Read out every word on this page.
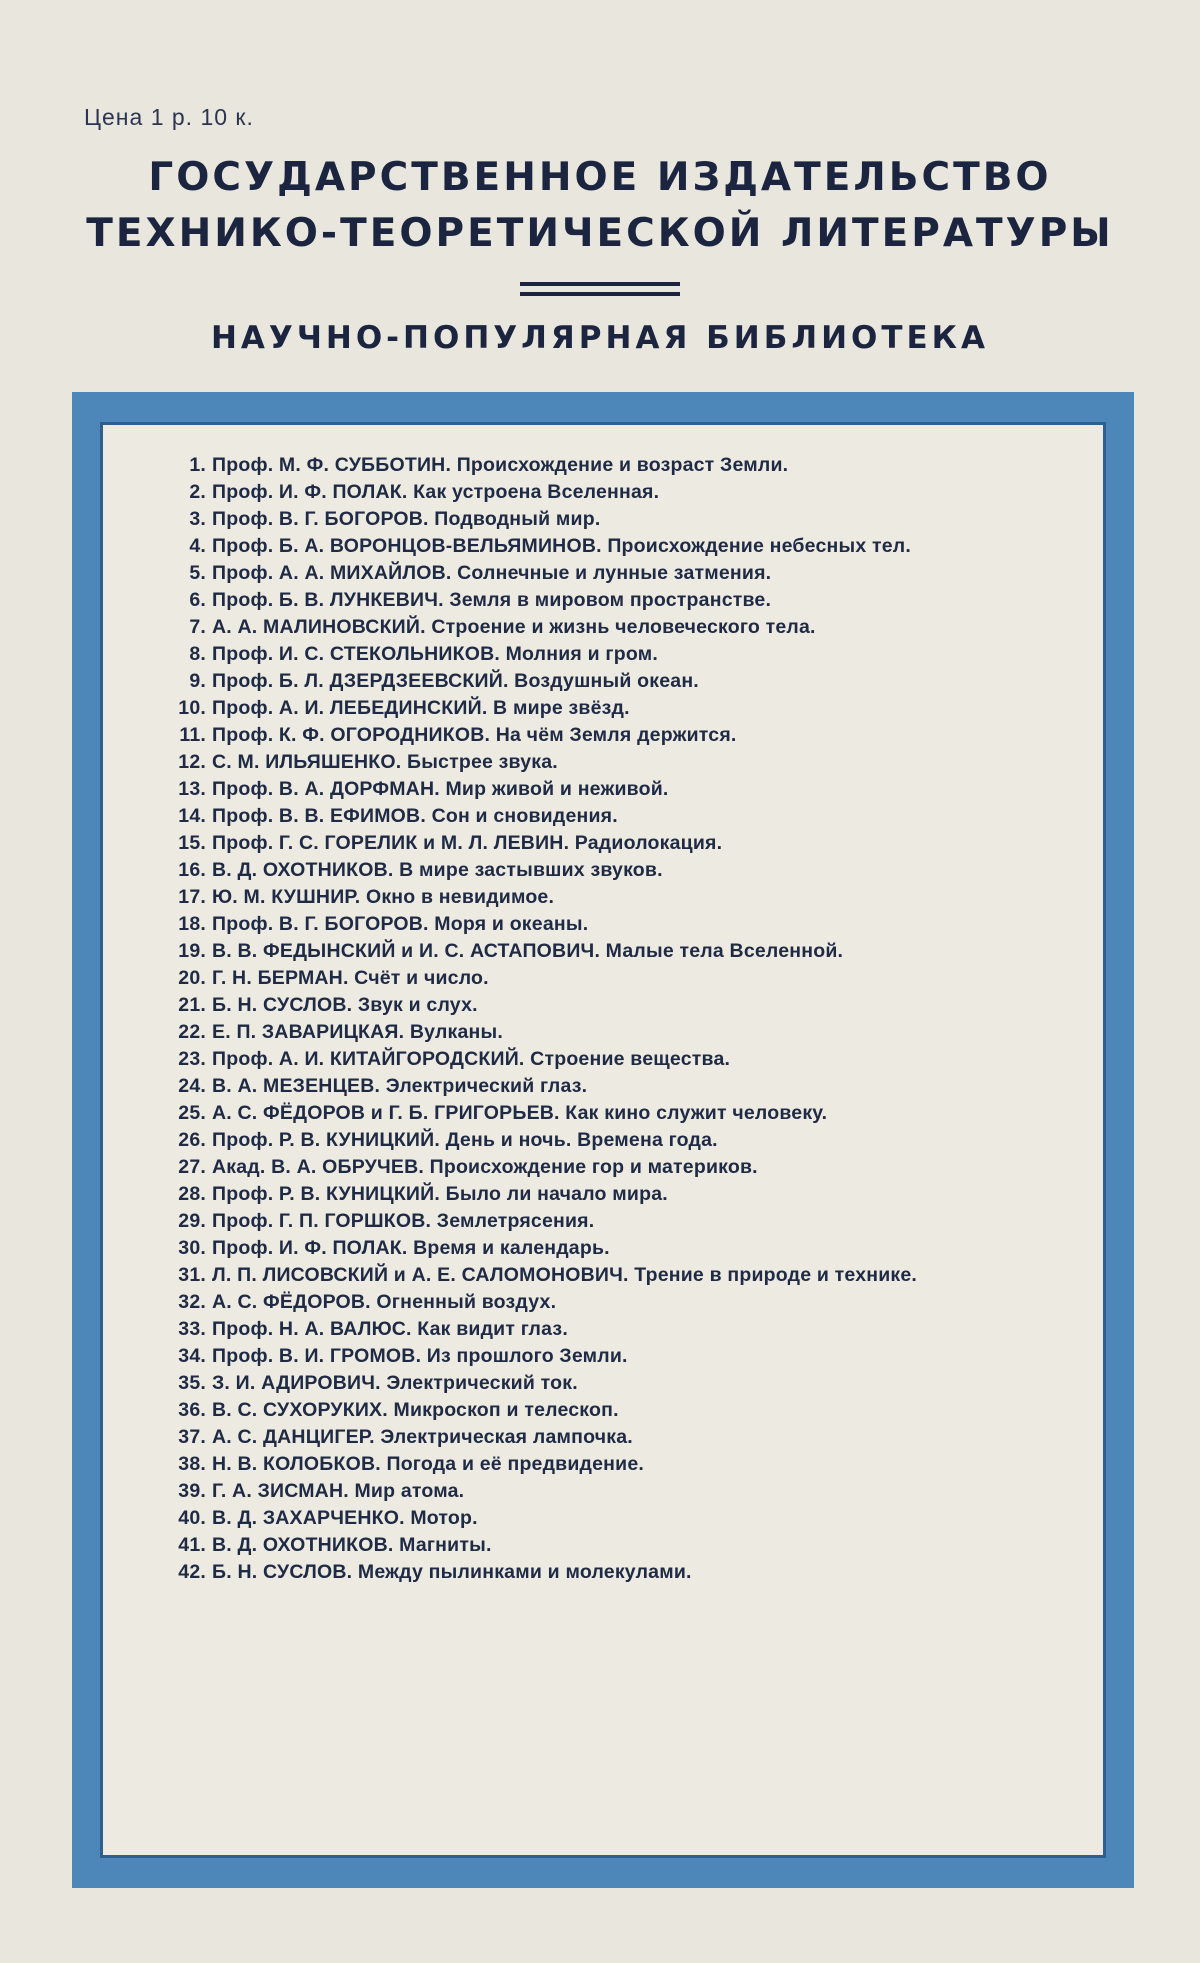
Цена 1 р. 10 к.
ГОСУДАРСТВЕННОЕ ИЗДАТЕЛЬСТВО
ТЕХНИКО-ТЕОРЕТИЧЕСКОЙ ЛИТЕРАТУРЫ
НАУЧНО-ПОПУЛЯРНАЯ БИБЛИОТЕКА
1. Проф. М. Ф. СУББОТИН. Происхождение и возраст Земли.
2. Проф. И. Ф. ПОЛАК. Как устроена Вселенная.
3. Проф. В. Г. БОГОРОВ. Подводный мир.
4. Проф. Б. А. ВОРОНЦОВ-ВЕЛЬЯМИНОВ. Происхождение небесных тел.
5. Проф. А. А. МИХАЙЛОВ. Солнечные и лунные затмения.
6. Проф. Б. В. ЛУНКЕВИЧ. Земля в мировом пространстве.
7. А. А. МАЛИНОВСКИЙ. Строение и жизнь человеческого тела.
8. Проф. И. С. СТЕКОЛЬНИКОВ. Молния и гром.
9. Проф. Б. Л. ДЗЕРДЗЕЕВСКИЙ. Воздушный океан.
10. Проф. А. И. ЛЕБЕДИНСКИЙ. В мире звёзд.
11. Проф. К. Ф. ОГОРОДНИКОВ. На чём Земля держится.
12. С. М. ИЛЬЯШЕНКО. Быстрее звука.
13. Проф. В. А. ДОРФМАН. Мир живой и неживой.
14. Проф. В. В. ЕФИМОВ. Сон и сновидения.
15. Проф. Г. С. ГОРЕЛИК и М. Л. ЛЕВИН. Радиолокация.
16. В. Д. ОХОТНИКОВ. В мире застывших звуков.
17. Ю. М. КУШНИР. Окно в невидимое.
18. Проф. В. Г. БОГОРОВ. Моря и океаны.
19. В. В. ФЕДЫНСКИЙ и И. С. АСТАПОВИЧ. Малые тела Вселенной.
20. Г. Н. БЕРМАН. Счёт и число.
21. Б. Н. СУСЛОВ. Звук и слух.
22. Е. П. ЗАВАРИЦКАЯ. Вулканы.
23. Проф. А. И. КИТАЙГОРОДСКИЙ. Строение вещества.
24. В. А. МЕЗЕНЦЕВ. Электрический глаз.
25. А. С. ФЁДОРОВ и Г. Б. ГРИГОРЬЕВ. Как кино служит человеку.
26. Проф. Р. В. КУНИЦКИЙ. День и ночь. Времена года.
27. Акад. В. А. ОБРУЧЕВ. Происхождение гор и материков.
28. Проф. Р. В. КУНИЦКИЙ. Было ли начало мира.
29. Проф. Г. П. ГОРШКОВ. Землетрясения.
30. Проф. И. Ф. ПОЛАК. Время и календарь.
31. Л. П. ЛИСОВСКИЙ и А. Е. САЛОМОНОВИЧ. Трение в природе и технике.
32. А. С. ФЁДОРОВ. Огненный воздух.
33. Проф. Н. А. ВАЛЮС. Как видит глаз.
34. Проф. В. И. ГРОМОВ. Из прошлого Земли.
35. З. И. АДИРОВИЧ. Электрический ток.
36. В. С. СУХОРУКИХ. Микроскоп и телескоп.
37. А. С. ДАНЦИГЕР. Электрическая лампочка.
38. Н. В. КОЛОБКОВ. Погода и её предвидение.
39. Г. А. ЗИСМАН. Мир атома.
40. В. Д. ЗАХАРЧЕНКО. Мотор.
41. В. Д. ОХОТНИКОВ. Магниты.
42. Б. Н. СУСЛОВ. Между пылинками и молекулами.
